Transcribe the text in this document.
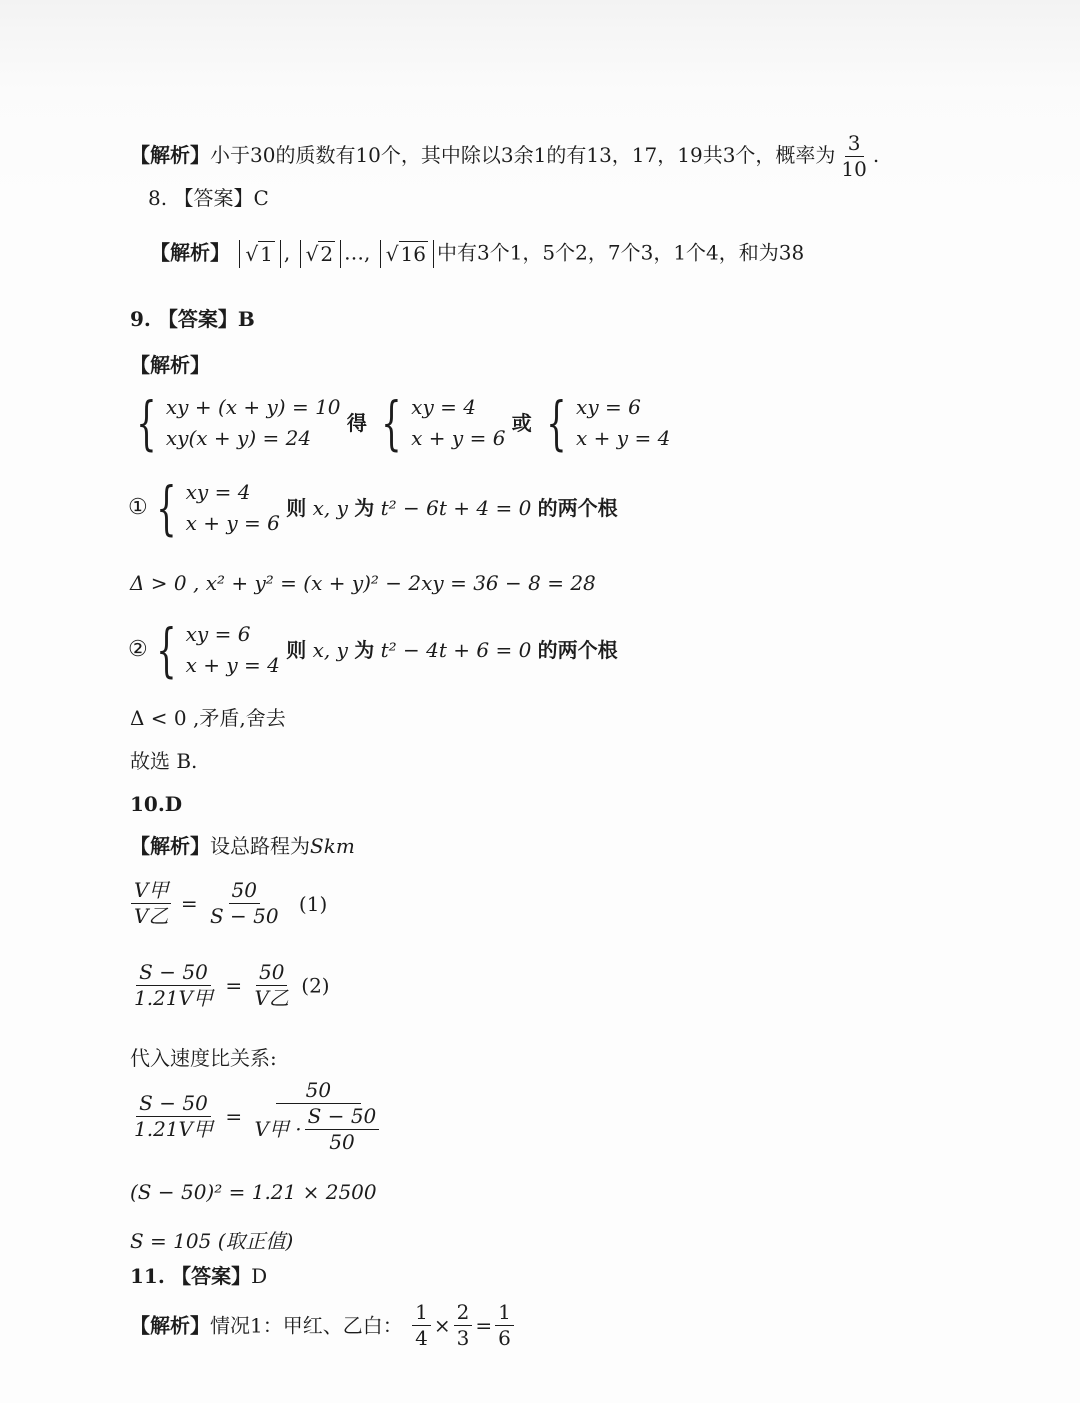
【解析】小于30的质数有10个，其中除以3余1的有13，17，19共3个，概率为 $\frac{3}{10}$ .
8. 【答案】C
【解析】 √ 1 , √ 2 …, √ 16 中有3个1，5个2，7个3，1个4，和为38
9. 【答案】B
【解析】
{ xy + (x + y) = 10
xy(x + y) = 24
得 { xy = 4
x + y = 6
或 { xy = 6
x + y = 4
① { xy = 4
x + y = 6
则 x, y 为 t² − 6t + 4 = 0 的两个根
Δ > 0 , x² + y² = (x + y)² − 2xy = 36 − 8 = 28
② { xy = 6
x + y = 4
则 x, y 为 t² − 4t + 6 = 0 的两个根
Δ < 0 ,矛盾,舍去
故选 B.
10.D
【解析】设总路程为Skm
$\frac{\text{V甲}}{\text{V乙}} = \frac{50}{S - 50} (1)$
$\frac{S - 50}{\text{1.21V甲}} = \frac{50}{\text{V乙}} (2)$
代入速度比关系:
$\frac{S - 50}{\text{1.21V甲}} = \frac{50}{V甲 \cdot \frac{S - 50}{50}}$
(S − 50)² = 1.21 × 2500
S = 105 (取正值)
11. 【答案】D
【解析】情况1：甲红、乙白： $\frac{1}{4} \times \frac{2}{3} = \frac{1}{6}$
